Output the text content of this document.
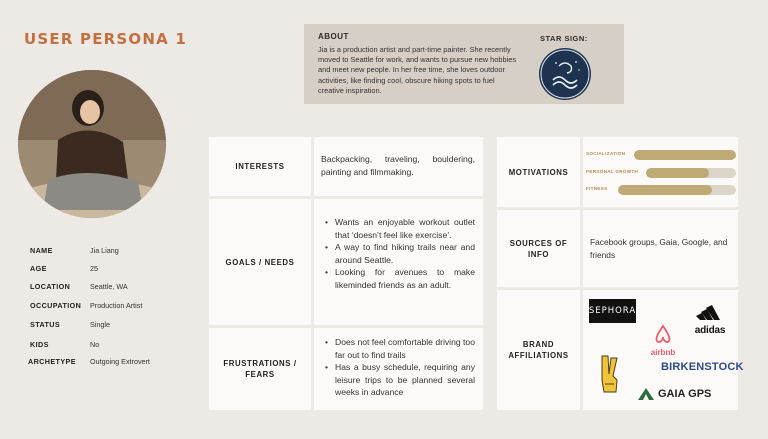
USER PERSONA 1	ABOUT
Jia is a production artist and part-time painter. She recently moved to Seattle for work, and wants to pursue new hobbies and meet new people. In her free time, she loves outdoor activities, like finding cool, obscure hiking spots to fuel creative inspiration.
STAR SIGN:
NAME	Jia Liang
AGE	25
LOCATION	Seattle, WA
OCCUPATION	Production Artist
STATUS	Single
KIDS	No
ARCHETYPE	Outgoing Extrovert
INTERESTS
Backpacking, traveling, bouldering, painting and filmmaking.
GOALS / NEEDS
• Wants an enjoyable workout outlet that ‘doesn’t feel like exercise’.
• A way to find hiking trails near and around Seattle.
• Looking for avenues to make likeminded friends as an adult.
FRUSTRATIONS / FEARS
• Does not feel comfortable driving too far out to find trails
• Has a busy schedule, requiring any leisure trips to be planned several weeks in advance
MOTIVATIONS
SOURCES OF INFO
Facebook groups, Gaia, Google, and friends
BRAND AFFILIATIONS
SOCIALIZATION
PERSONAL GROWTH
FITNESS
SEPHORA
airbnb
adidas
BIRKENSTOCK
GAIA GPS
